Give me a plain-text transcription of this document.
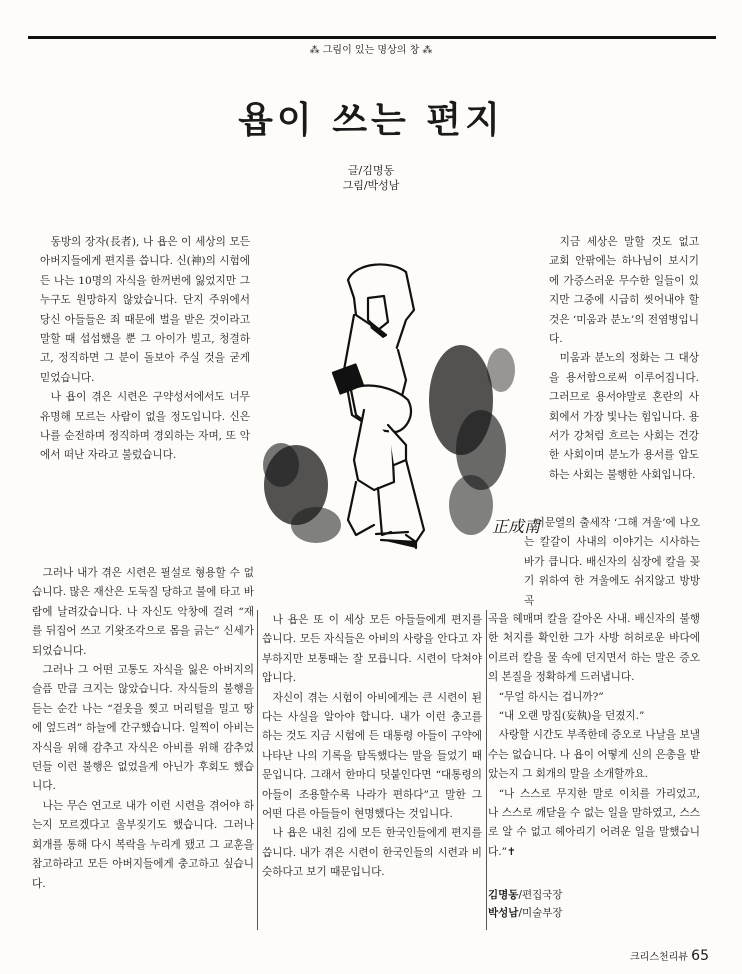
⁂ 그림이 있는 명상의 창 ⁂
욥이 쓰는 편지
글/김명동
그림/박성남

동방의 장자(長者), 나 욥은 이 세상의 모든 아버지들에게 편지를 씁니다. 신(神)의 시험에 든 나는 10명의 자식을 한꺼번에 잃었지만 그 누구도 원망하지 않았습니다. 단지 주위에서 당신 아들들은 죄 때문에 벌을 받은 것이라고 말할 때 섭섭했을 뿐 그 아이가 빌고, 청결하고, 정직하면 그 분이 돌보아 주실 것을 굳게 믿었습니다.

나 욥이 겪은 시련은 구약성서에서도 너무 유명해 모르는 사람이 없을 정도입니다. 신은 나를 순전하며 정직하며 경외하는 자며, 또 악에서 떠난 자라고 불렀습니다.

그러나 내가 겪은 시련은 필설로 형용할 수 없습니다. 많은 재산은 도둑질 당하고 불에 타고 바람에 날려갔습니다. 나 자신도 악창에 걸려 “재를 뒤집어 쓰고 기왓조각으로 몸을 긁는” 신세가 되었습니다.

그러나 그 어떤 고통도 자식을 잃은 아버지의 슬픔 만큼 크지는 않았습니다. 자식들의 불행을 듣는 순간 나는 “겉옷을 찢고 머리털을 밀고 땅에 엎드려” 하늘에 간구했습니다. 일찍이 아비는 자식을 위해 감추고 자식은 아비를 위해 감추었던들 이런 불행은 없었을게 아닌가 후회도 했습니다.

나는 무슨 연고로 내가 이런 시련을 겪어야 하는지 모르겠다고 울부짖기도 했습니다. 그러나 회개를 통해 다시 복락을 누리게 됐고 그 교훈을 참고하라고 모든 아버지들에게 충고하고 싶습니다.

나 욥은 또 이 세상 모든 아들들에게 편지를 씁니다. 모든 자식들은 아비의 사랑을 안다고 자부하지만 보통때는 잘 모릅니다. 시련이 닥쳐야 압니다.

자신이 겪는 시험이 아비에게는 큰 시련이 된다는 사실을 알아야 합니다. 내가 이런 충고를 하는 것도 지금 시험에 든 대통령 아들이 구약에 나타난 나의 기록을 탐독했다는 말을 들었기 때문입니다. 그래서 한마디 덧붙인다면 “대통령의 아들이 조용할수록 나라가 편하다”고 말한 그 어떤 다른 아들들이 현명했다는 것입니다.

나 욥은 내친 김에 모든 한국인들에게 편지를 씁니다. 내가 겪은 시련이 한국인들의 시련과 비슷하다고 보기 때문입니다.

지금 세상은 말할 것도 없고 교회 안팎에는 하나님이 보시기에 가증스러운 무수한 일들이 있지만 그중에 시급히 씻어내야 할 것은 ‘미움과 분노’의 전염병입니다.

미움과 분노의 정화는 그 대상을 용서함으로써 이루어집니다. 그러므로 용서야말로 혼란의 사회에서 가장 빛나는 힘입니다. 용서가 강처럼 흐르는 사회는 건강한 사회이며 분노가 용서를 압도하는 사회는 불행한 사회입니다.

이문열의 출세작 ‘그해 겨울’에 나오는 칼갈이 사내의 이야기는 시사하는 바가 큽니다. 배신자의 심장에 칼을 꽂기 위하여 한 겨울에도 쉬지않고 방방곡

곡을 헤매며 칼을 갈아온 사내. 배신자의 불행한 처지를 확인한 그가 사방 허허로운 바다에 이르러 칼을 물 속에 던지면서 하는 말은 증오의 본질을 정확하게 드러냅니다.

“무얼 하시는 겁니까?”

“내 오랜 망집(妄執)을 던졌지.”

사랑할 시간도 부족한데 증오로 나날을 보낼 수는 없습니다. 나 욥이 어떻게 신의 은총을 받았는지 그 회개의 말을 소개할까요.

“나 스스로 무지한 말로 이치를 가리었고, 나 스스로 깨닫을 수 없는 일을 말하였고, 스스로 알 수 없고 헤아리기 어려운 일을 말했습니다.”✝

김명동/편집국장
박성남/미술부장
크리스천리뷰 65
正成南
